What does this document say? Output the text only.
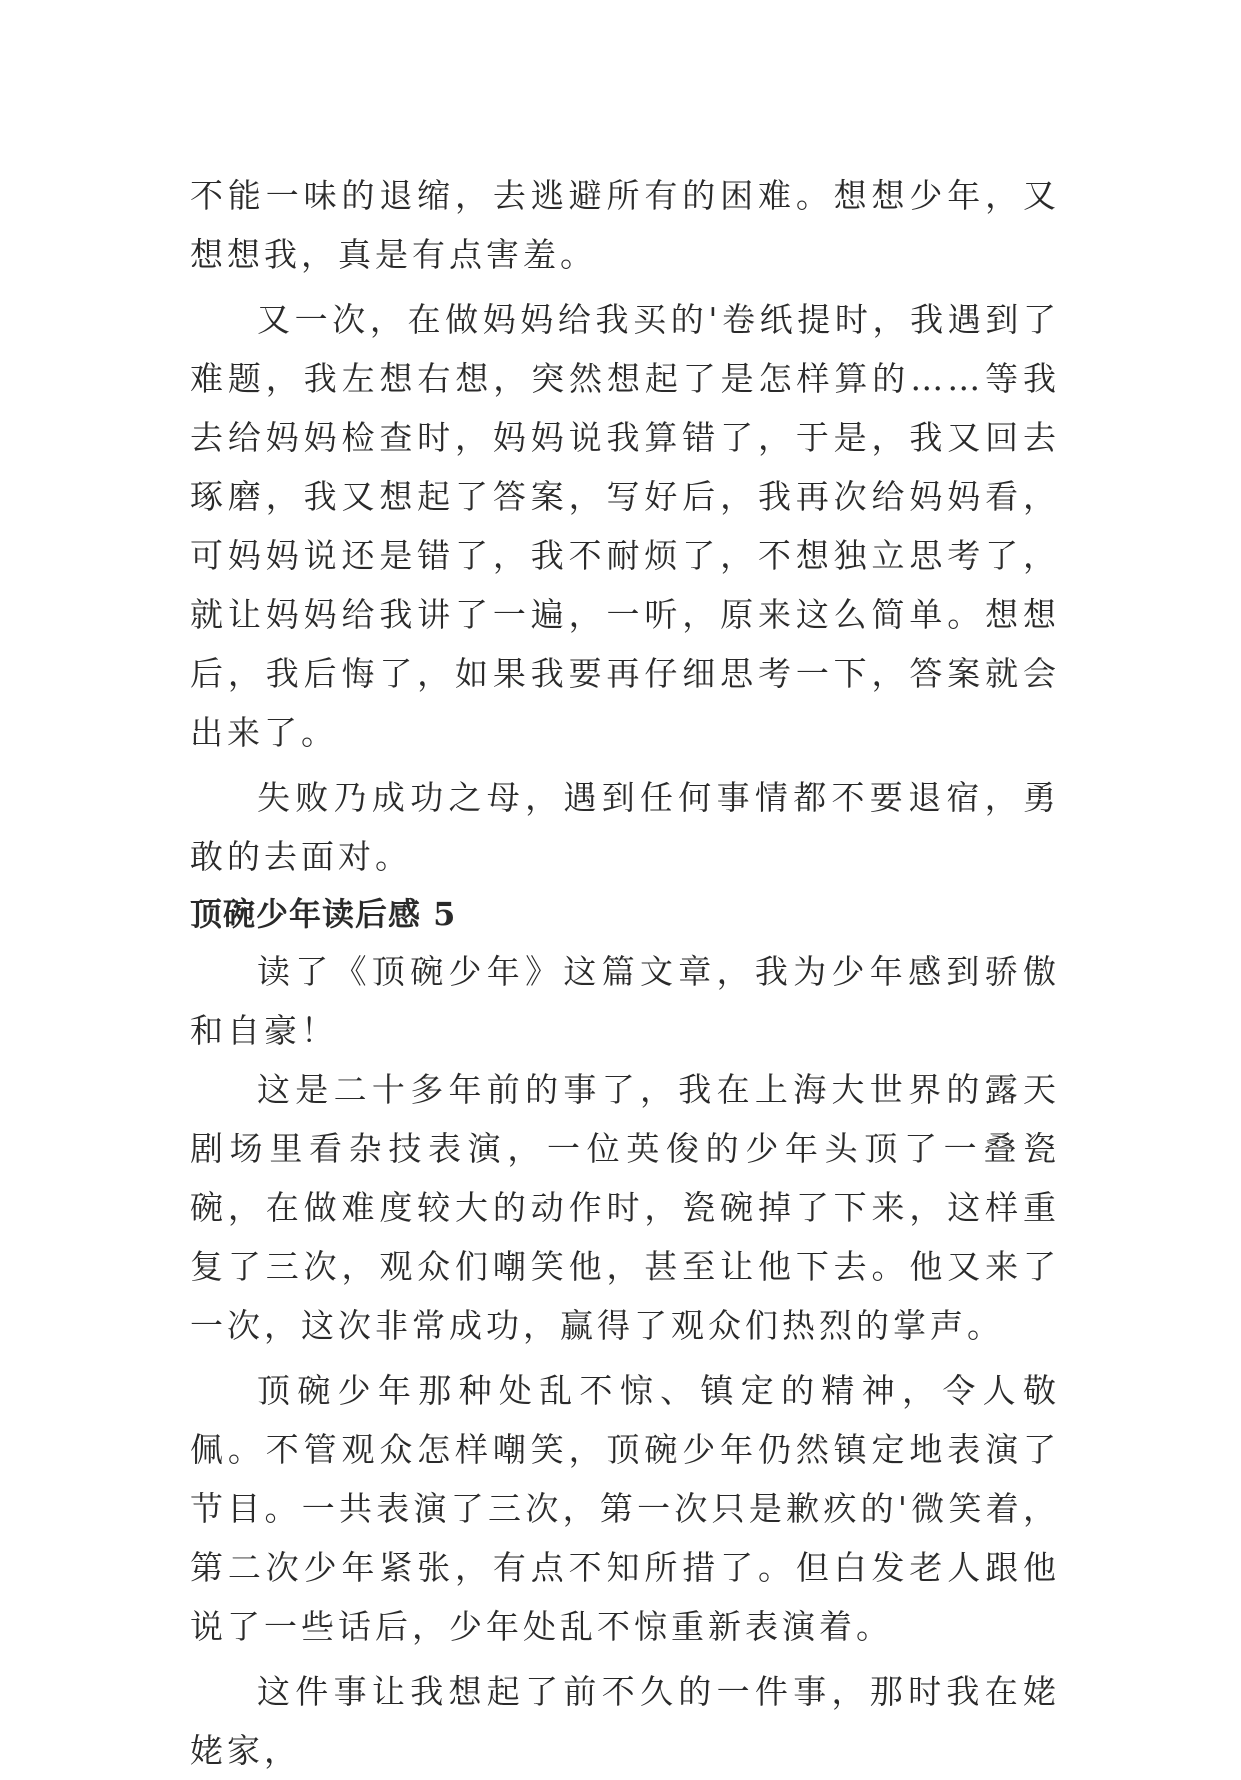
不能一味的退缩，去逃避所有的困难。想想少年，又想想我，真是有点害羞。

又一次，在做妈妈给我买的'卷纸提时，我遇到了难题，我左想右想，突然想起了是怎样算的……等我去给妈妈检查时，妈妈说我算错了，于是，我又回去琢磨，我又想起了答案，写好后，我再次给妈妈看，可妈妈说还是错了，我不耐烦了，不想独立思考了，就让妈妈给我讲了一遍，一听，原来这么简单。想想后，我后悔了，如果我要再仔细思考一下，答案就会出来了。

失败乃成功之母，遇到任何事情都不要退宿，勇敢的去面对。

顶碗少年读后感 5

读了《顶碗少年》这篇文章，我为少年感到骄傲和自豪！

这是二十多年前的事了，我在上海大世界的露天剧场里看杂技表演，一位英俊的少年头顶了一叠瓷碗，在做难度较大的动作时，瓷碗掉了下来，这样重复了三次，观众们嘲笑他，甚至让他下去。他又来了一次，这次非常成功，赢得了观众们热烈的掌声。

顶碗少年那种处乱不惊、镇定的精神，令人敬佩。不管观众怎样嘲笑，顶碗少年仍然镇定地表演了节目。一共表演了三次，第一次只是歉疚的'微笑着，第二次少年紧张，有点不知所措了。但白发老人跟他说了一些话后，少年处乱不惊重新表演着。

这件事让我想起了前不久的一件事，那时我在姥姥家，
